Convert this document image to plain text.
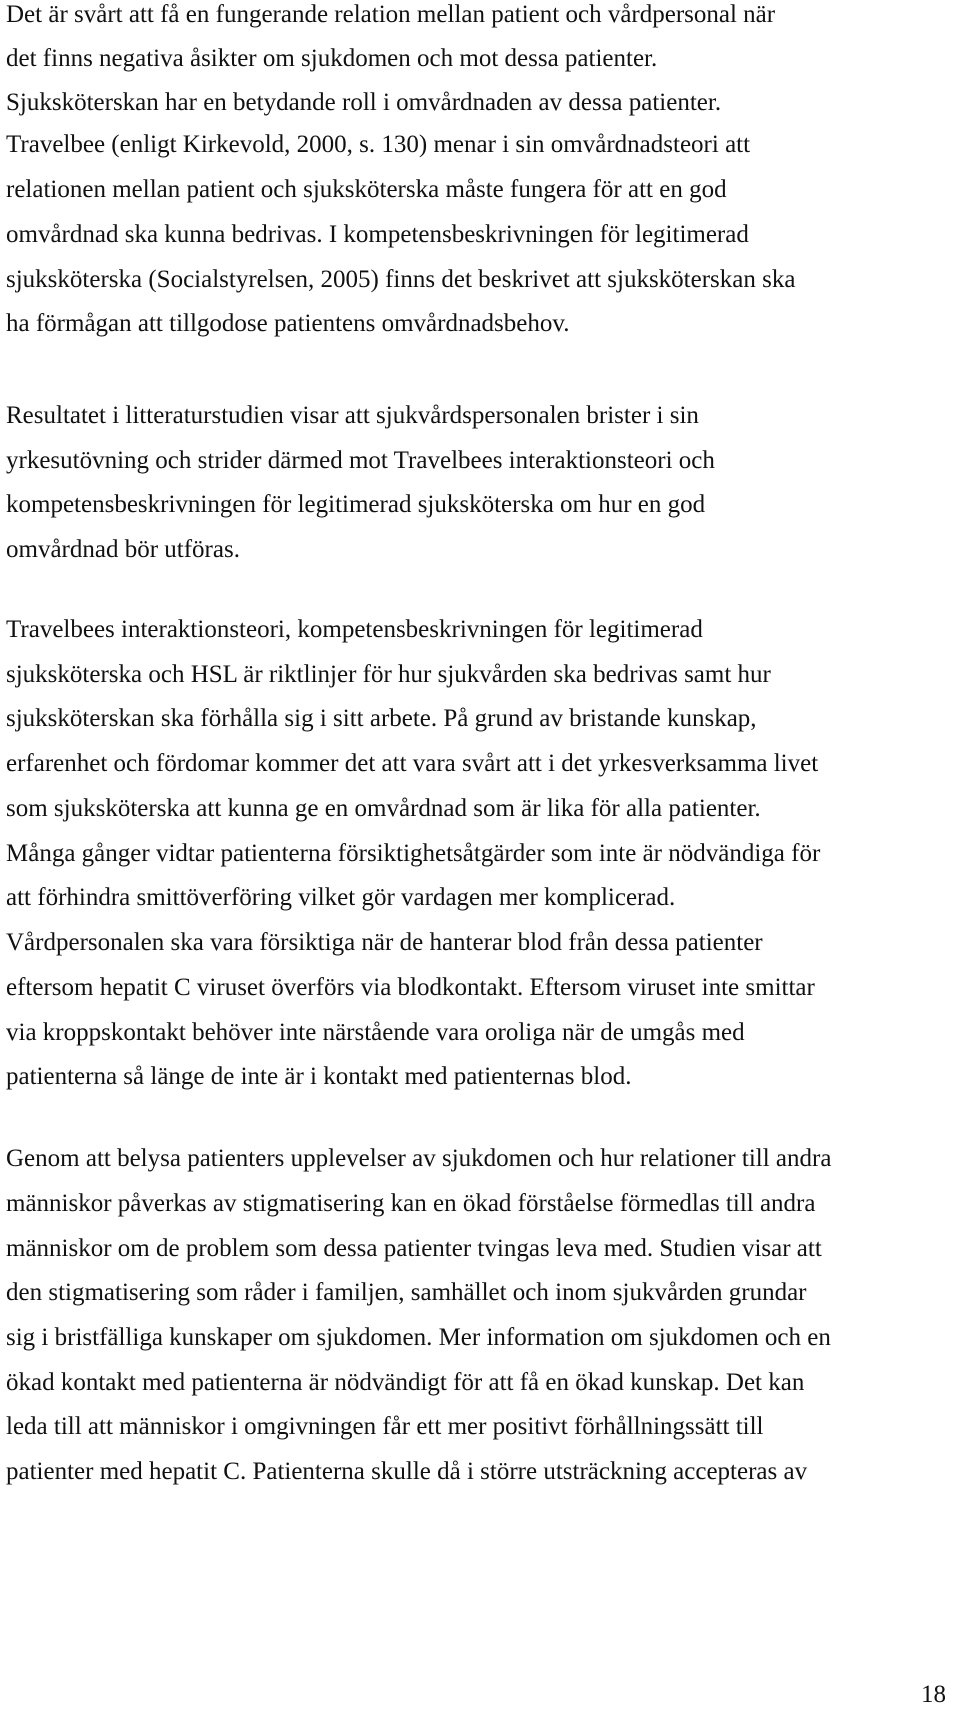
Det är svårt att få en fungerande relation mellan patient och vårdpersonal när
det finns negativa åsikter om sjukdomen och mot dessa patienter.
Sjuksköterskan har en betydande roll i omvårdnaden av dessa patienter.
Travelbee (enligt Kirkevold, 2000, s. 130) menar i sin omvårdnadsteori att
relationen mellan patient och sjuksköterska måste fungera för att en god
omvårdnad ska kunna bedrivas. I kompetensbeskrivningen för legitimerad
sjuksköterska (Socialstyrelsen, 2005) finns det beskrivet att sjuksköterskan ska
ha förmågan att tillgodose patientens omvårdnadsbehov.
Resultatet i litteraturstudien visar att sjukvårdspersonalen brister i sin
yrkesutövning och strider därmed mot Travelbees interaktionsteori och
kompetensbeskrivningen för legitimerad sjuksköterska om hur en god
omvårdnad bör utföras.
Travelbees interaktionsteori, kompetensbeskrivningen för legitimerad
sjuksköterska och HSL är riktlinjer för hur sjukvården ska bedrivas samt hur
sjuksköterskan ska förhålla sig i sitt arbete. På grund av bristande kunskap,
erfarenhet och fördomar kommer det att vara svårt att i det yrkesverksamma livet
som sjuksköterska att kunna ge en omvårdnad som är lika för alla patienter.
Många gånger vidtar patienterna försiktighetsåtgärder som inte är nödvändiga för
att förhindra smittöverföring vilket gör vardagen mer komplicerad.
Vårdpersonalen ska vara försiktiga när de hanterar blod från dessa patienter
eftersom hepatit C viruset överförs via blodkontakt. Eftersom viruset inte smittar
via kroppskontakt behöver inte närstående vara oroliga när de umgås med
patienterna så länge de inte är i kontakt med patienternas blod.
Genom att belysa patienters upplevelser av sjukdomen och hur relationer till andra
människor påverkas av stigmatisering kan en ökad förståelse förmedlas till andra
människor om de problem som dessa patienter tvingas leva med. Studien visar att
den stigmatisering som råder i familjen, samhället och inom sjukvården grundar
sig i bristfälliga kunskaper om sjukdomen. Mer information om sjukdomen och en
ökad kontakt med patienterna är nödvändigt för att få en ökad kunskap. Det kan
leda till att människor i omgivningen får ett mer positivt förhållningssätt till
patienter med hepatit C. Patienterna skulle då i större utsträckning accepteras av
18
